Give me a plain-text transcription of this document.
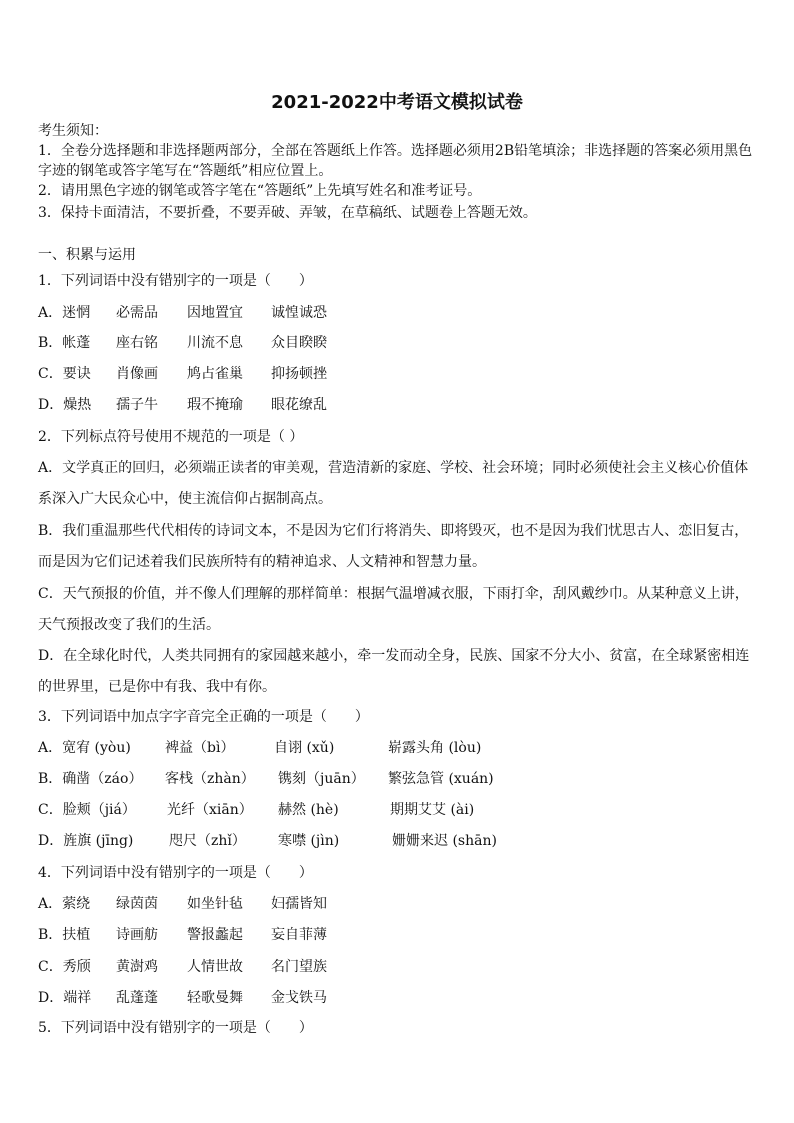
2021-2022中考语文模拟试卷
考生须知：
1．全卷分选择题和非选择题两部分，全部在答题纸上作答。选择题必须用2B铅笔填涂；非选择题的答案必须用黑色
字迹的钢笔或答字笔写在“答题纸”相应位置上。
2．请用黑色字迹的钢笔或答字笔在“答题纸”上先填写姓名和准考证号。
3．保持卡面清洁，不要折叠，不要弄破、弄皱，在草稿纸、试题卷上答题无效。
一、积累与运用
1．下列词语中没有错别字的一项是（　　）
A．迷惘 必需品 因地置宜 诚惶诚恐
B．帐蓬 座右铭 川流不息 众目睽睽
C．要诀 肖像画 鸠占雀巢 抑扬顿挫
D．燥热 孺子牛 瑕不掩瑜 眼花缭乱
2．下列标点符号使用不规范的一项是（ ）
A．文学真正的回归，必须端正读者的审美观，营造清新的家庭、学校、社会环境；同时必须使社会主义核心价值体
系深入广大民众心中，使主流信仰占据制高点。
B．我们重温那些代代相传的诗词文本，不是因为它们行将消失、即将毁灭，也不是因为我们忧思古人、恋旧复古，
而是因为它们记述着我们民族所特有的精神追求、人文精神和智慧力量。
C．天气预报的价值，并不像人们理解的那样简单：根据气温增减衣服，下雨打伞，刮风戴纱巾。从某种意义上讲，
天气预报改变了我们的生活。
D．在全球化时代，人类共同拥有的家园越来越小，牵一发而动全身，民族、国家不分大小、贫富，在全球紧密相连
的世界里，已是你中有我、我中有你。
3．下列词语中加点字字音完全正确的一项是（　　）
A．宽宥 (yòu) 裨益（bì）	自诩 (xǔ)	崭露头角 (lòu)
B．确凿（záo） 客栈（zhàn） 镌刻（juān） 繁弦急管 (xuán)
C．脸颊（jiá） 光纤（xiān） 赫然 (hè)	期期艾艾 (ài)
D．旌旗 (jīng)	咫尺（zhǐ） 寒噤 (jìn)	姗姗来迟 (shān)
4．下列词语中没有错别字的一项是（　　）
A．萦绕 绿茵茵 如坐针毡 妇孺皆知
B．扶植 诗画舫 警报蠡起 妄自菲薄
C．秀颀 黄澍鸡 人情世故 名门望族
D．端祥 乱蓬蓬 轻歌曼舞 金戈铁马
5．下列词语中没有错别字的一项是（　　）
